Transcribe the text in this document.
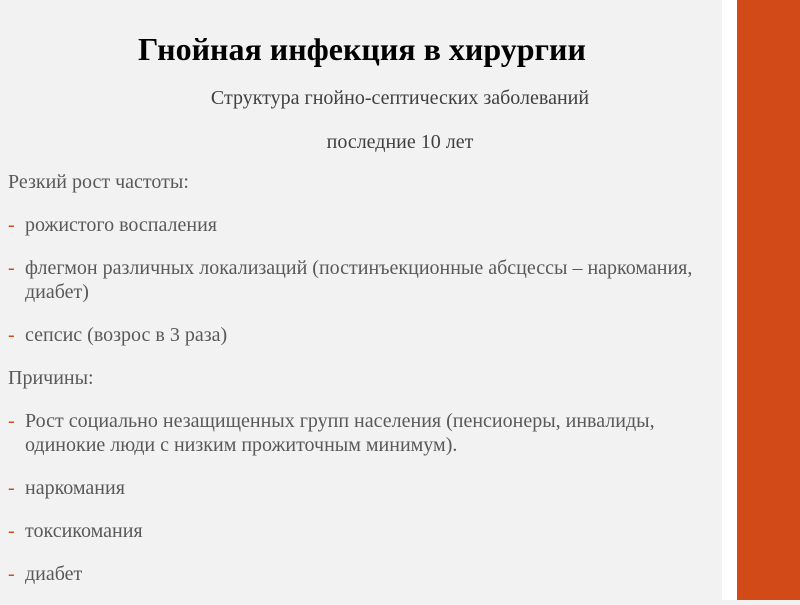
Гнойная инфекция в хирургии
Структура гнойно-септических заболеваний
последние 10 лет
Резкий рост частоты:
- рожистого воспаления
- флегмон различных локализаций (постинъекционные абсцессы – наркомания, диабет)
- сепсис (возрос в 3 раза)
Причины:
- Рост социально незащищенных групп населения (пенсионеры, инвалиды, одинокие люди с низким прожиточным минимум).
- наркомания
- токсикомания
- диабет
